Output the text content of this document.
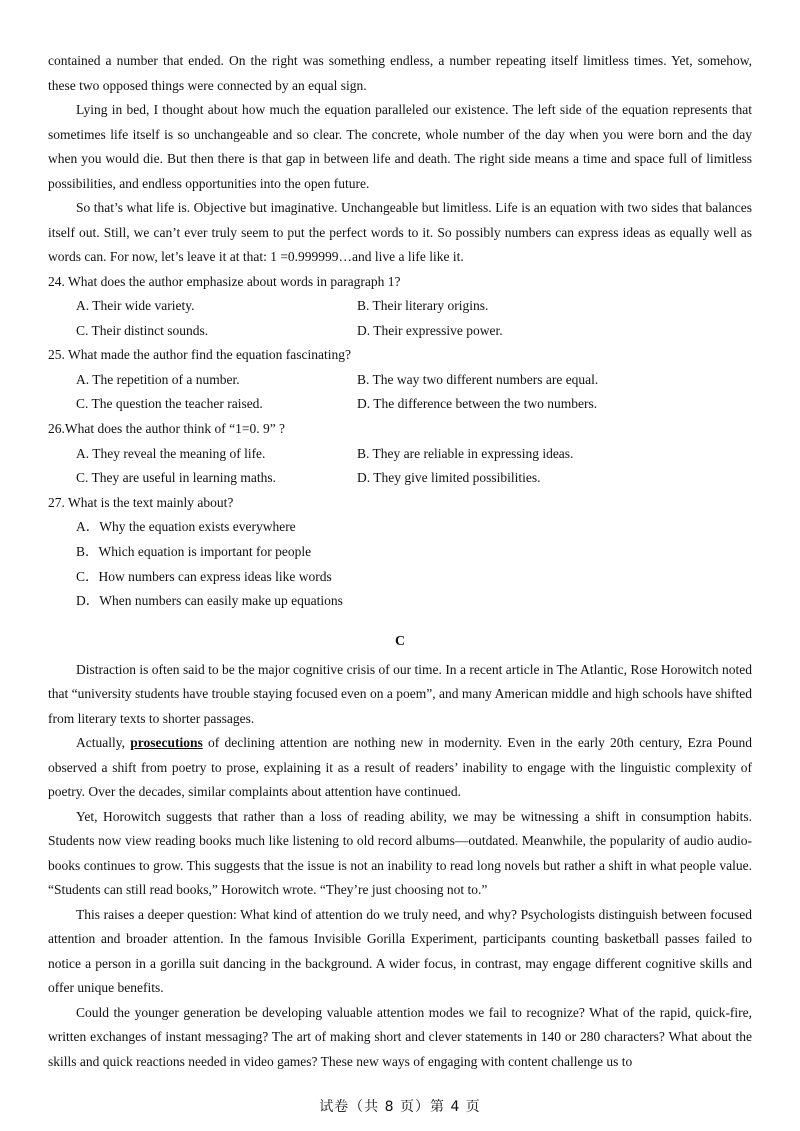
contained a number that ended. On the right was something endless, a number repeating itself limitless times. Yet, somehow, these two opposed things were connected by an equal sign.

Lying in bed, I thought about how much the equation paralleled our existence. The left side of the equation represents that sometimes life itself is so unchangeable and so clear. The concrete, whole number of the day when you were born and the day when you would die. But then there is that gap in between life and death. The right side means a time and space full of limitless possibilities, and endless opportunities into the open future.

So that’s what life is. Objective but imaginative. Unchangeable but limitless. Life is an equation with two sides that balances itself out. Still, we can’t ever truly seem to put the perfect words to it. So possibly numbers can express ideas as equally well as words can. For now, let’s leave it at that: 1 =0.999999…and live a life like it.

24. What does the author emphasize about words in paragraph 1?
A. Their wide variety.	B. Their literary origins.
C. Their distinct sounds.	D. Their expressive power.
25. What made the author find the equation fascinating?
A. The repetition of a number.	B. The way two different numbers are equal.
C. The question the teacher raised.	D. The difference between the two numbers.
26.What does the author think of “1=0. 9” ?
A. They reveal the meaning of life.	B. They are reliable in expressing ideas.
C. They are useful in learning maths.	D. They give limited possibilities.
27. What is the text mainly about?
A．Why the equation exists everywhere
B．Which equation is important for people
C．How numbers can express ideas like words
D．When numbers can easily make up equations
C

Distraction is often said to be the major cognitive crisis of our time. In a recent article in The Atlantic, Rose Horowitch noted that “university students have trouble staying focused even on a poem”, and many American middle and high schools have shifted from literary texts to shorter passages.

Actually, prosecutions of declining attention are nothing new in modernity. Even in the early 20th century, Ezra Pound observed a shift from poetry to prose, explaining it as a result of readers’ inability to engage with the linguistic complexity of poetry. Over the decades, similar complaints about attention have continued.

Yet, Horowitch suggests that rather than a loss of reading ability, we may be witnessing a shift in consumption habits. Students now view reading books much like listening to old record albums—outdated. Meanwhile, the popularity of audio audio-books continues to grow. This suggests that the issue is not an inability to read long novels but rather a shift in what people value. “Students can still read books,” Horowitch wrote. “They’re just choosing not to.”

This raises a deeper question: What kind of attention do we truly need, and why? Psychologists distinguish between focused attention and broader attention. In the famous Invisible Gorilla Experiment, participants counting basketball passes failed to notice a person in a gorilla suit dancing in the background. A wider focus, in contrast, may engage different cognitive skills and offer unique benefits.

Could the younger generation be developing valuable attention modes we fail to recognize? What of the rapid, quick-fire, written exchanges of instant messaging? The art of making short and clever statements in 140 or 280 characters? What about the skills and quick reactions needed in video games? These new ways of engaging with content challenge us to

试卷（共 8 页）第 4 页
